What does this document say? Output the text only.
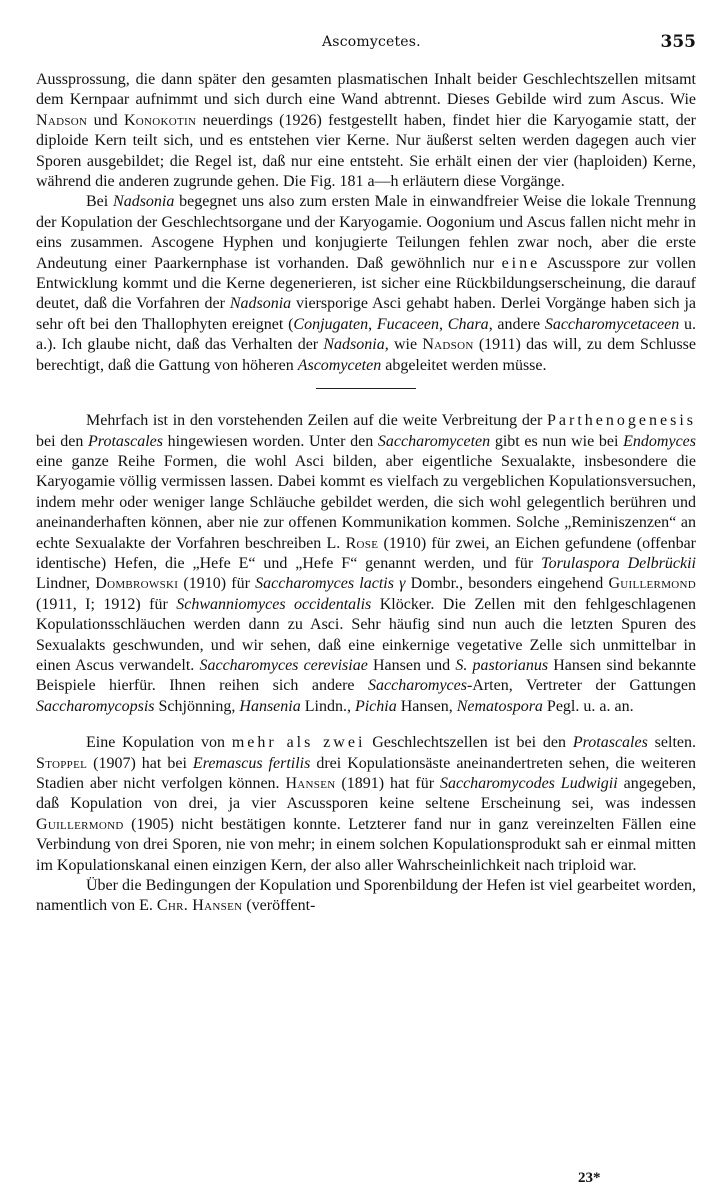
Ascomycetes.	355

Aussprossung, die dann später den gesamten plasmatischen Inhalt beider Geschlechtszellen mitsamt dem Kernpaar aufnimmt und sich durch eine Wand abtrennt. Dieses Gebilde wird zum Ascus. Wie Nadson und Konokotin neuerdings (1926) festgestellt haben, findet hier die Karyogamie statt, der diploide Kern teilt sich, und es entstehen vier Kerne. Nur äußerst selten werden dagegen auch vier Sporen ausgebildet; die Regel ist, daß nur eine entsteht. Sie erhält einen der vier (haploiden) Kerne, während die anderen zugrunde gehen. Die Fig. 181 a—h erläutern diese Vorgänge.

Bei Nadsonia begegnet uns also zum ersten Male in einwandfreier Weise die lokale Trennung der Kopulation der Geschlechtsorgane und der Karyogamie. Oogonium und Ascus fallen nicht mehr in eins zusammen. Ascogene Hyphen und konjugierte Teilungen fehlen zwar noch, aber die erste Andeutung einer Paarkernphase ist vorhanden. Daß gewöhnlich nur eine Ascusspore zur vollen Entwicklung kommt und die Kerne degenerieren, ist sicher eine Rückbildungserscheinung, die darauf deutet, daß die Vorfahren der Nadsonia viersporige Asci gehabt haben. Derlei Vorgänge haben sich ja sehr oft bei den Thallophyten ereignet (Conjugaten, Fucaceen, Chara, andere Saccharomycetaceen u. a.). Ich glaube nicht, daß das Verhalten der Nadsonia, wie Nadson (1911) das will, zu dem Schlusse berechtigt, daß die Gattung von höheren Ascomyceten abgeleitet werden müsse.

Mehrfach ist in den vorstehenden Zeilen auf die weite Verbreitung der Parthenogenesis bei den Protascales hingewiesen worden. Unter den Saccharomyceten gibt es nun wie bei Endomyces eine ganze Reihe Formen, die wohl Asci bilden, aber eigentliche Sexualakte, insbesondere die Karyogamie völlig vermissen lassen. Dabei kommt es vielfach zu vergeblichen Kopulationsversuchen, indem mehr oder weniger lange Schläuche gebildet werden, die sich wohl gelegentlich berühren und aneinanderhaften können, aber nie zur offenen Kommunikation kommen. Solche „Reminiszenzen“ an echte Sexualakte der Vorfahren beschreiben L. Rose (1910) für zwei, an Eichen gefundene (offenbar identische) Hefen, die „Hefe E“ und „Hefe F“ genannt werden, und für Torulaspora Delbrückii Lindner, Dombrowski (1910) für Saccharomyces lactis γ Dombr., besonders eingehend Guillermond (1911, I; 1912) für Schwanniomyces occidentalis Klöcker. Die Zellen mit den fehlgeschlagenen Kopulationsschläuchen werden dann zu Asci. Sehr häufig sind nun auch die letzten Spuren des Sexualakts geschwunden, und wir sehen, daß eine einkernige vegetative Zelle sich unmittelbar in einen Ascus verwandelt. Saccharomyces cerevisiae Hansen und S. pastorianus Hansen sind bekannte Beispiele hierfür. Ihnen reihen sich andere Saccharomyces-Arten, Vertreter der Gattungen Saccharomycopsis Schjönning, Hansenia Lindn., Pichia Hansen, Nematospora Pegl. u. a. an.

Eine Kopulation von mehr als zwei Geschlechtszellen ist bei den Protascales selten. Stoppel (1907) hat bei Eremascus fertilis drei Kopulationsäste aneinandertreten sehen, die weiteren Stadien aber nicht verfolgen können. Hansen (1891) hat für Saccharomycodes Ludwigii angegeben, daß Kopulation von drei, ja vier Ascussporen keine seltene Erscheinung sei, was indessen Guillermond (1905) nicht bestätigen konnte. Letzterer fand nur in ganz vereinzelten Fällen eine Verbindung von drei Sporen, nie von mehr; in einem solchen Kopulationsprodukt sah er einmal mitten im Kopulationskanal einen einzigen Kern, der also aller Wahrscheinlichkeit nach triploid war.

Über die Bedingungen der Kopulation und Sporenbildung der Hefen ist viel gearbeitet worden, namentlich von E. Chr. Hansen (veröffent-

23*
